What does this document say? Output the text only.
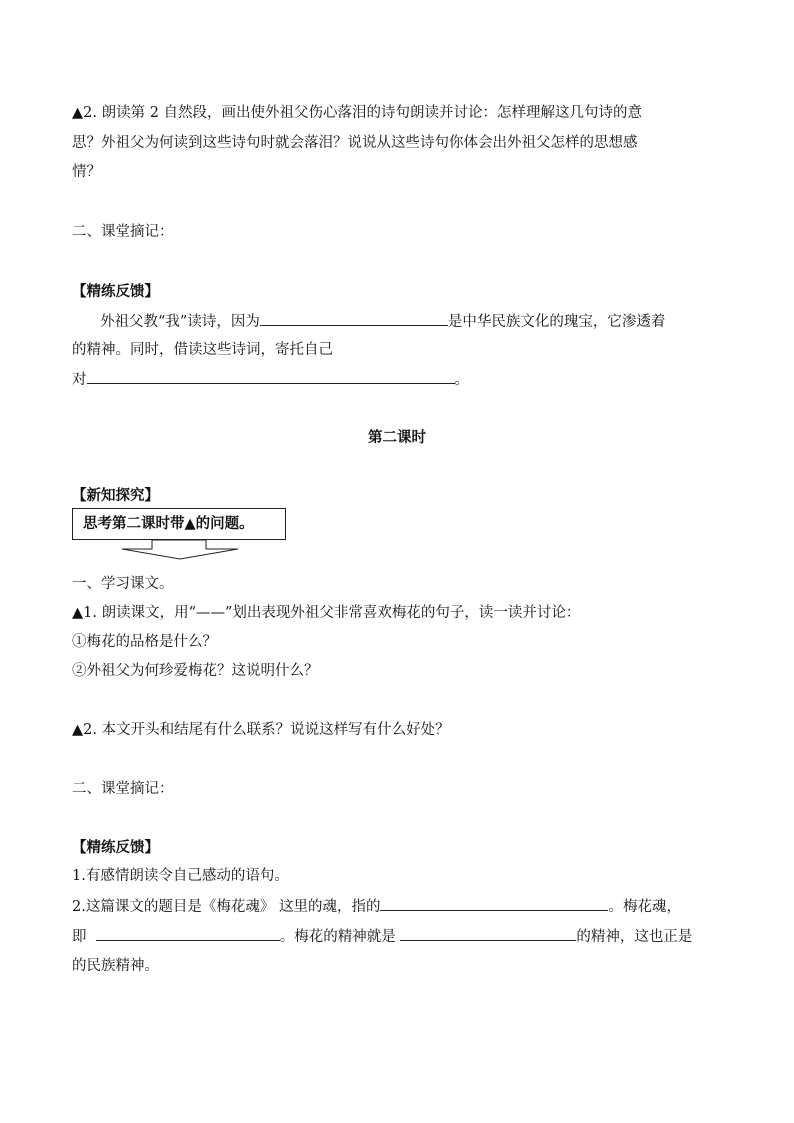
▲2. 朗读第 2 自然段，画出使外祖父伤心落泪的诗句朗读并讨论：怎样理解这几句诗的意
思？外祖父为何读到这些诗句时就会落泪？说说从这些诗句你体会出外祖父怎样的思想感
情？
二、课堂摘记：
【精练反馈】
外祖父教“我”读诗，因为	是中华民族文化的瑰宝，它渗透着
的精神。同时，借读这些诗词，寄托自己
对	。
第二课时
【新知探究】
思考第二课时带▲的问题。
一、学习课文。
▲1. 朗读课文，用“——”划出表现外祖父非常喜欢梅花的句子，读一读并讨论：
①梅花的品格是什么？
②外祖父为何珍爱梅花？这说明什么？
▲2. 本文开头和结尾有什么联系？说说这样写有什么好处？
二、课堂摘记：
【精练反馈】
1.有感情朗读令自己感动的语句。
2.这篇课文的题目是《梅花魂》 这里的魂，指的	。梅花魂，
即	。梅花的精神就是	的精神，这也正是
的民族精神。
